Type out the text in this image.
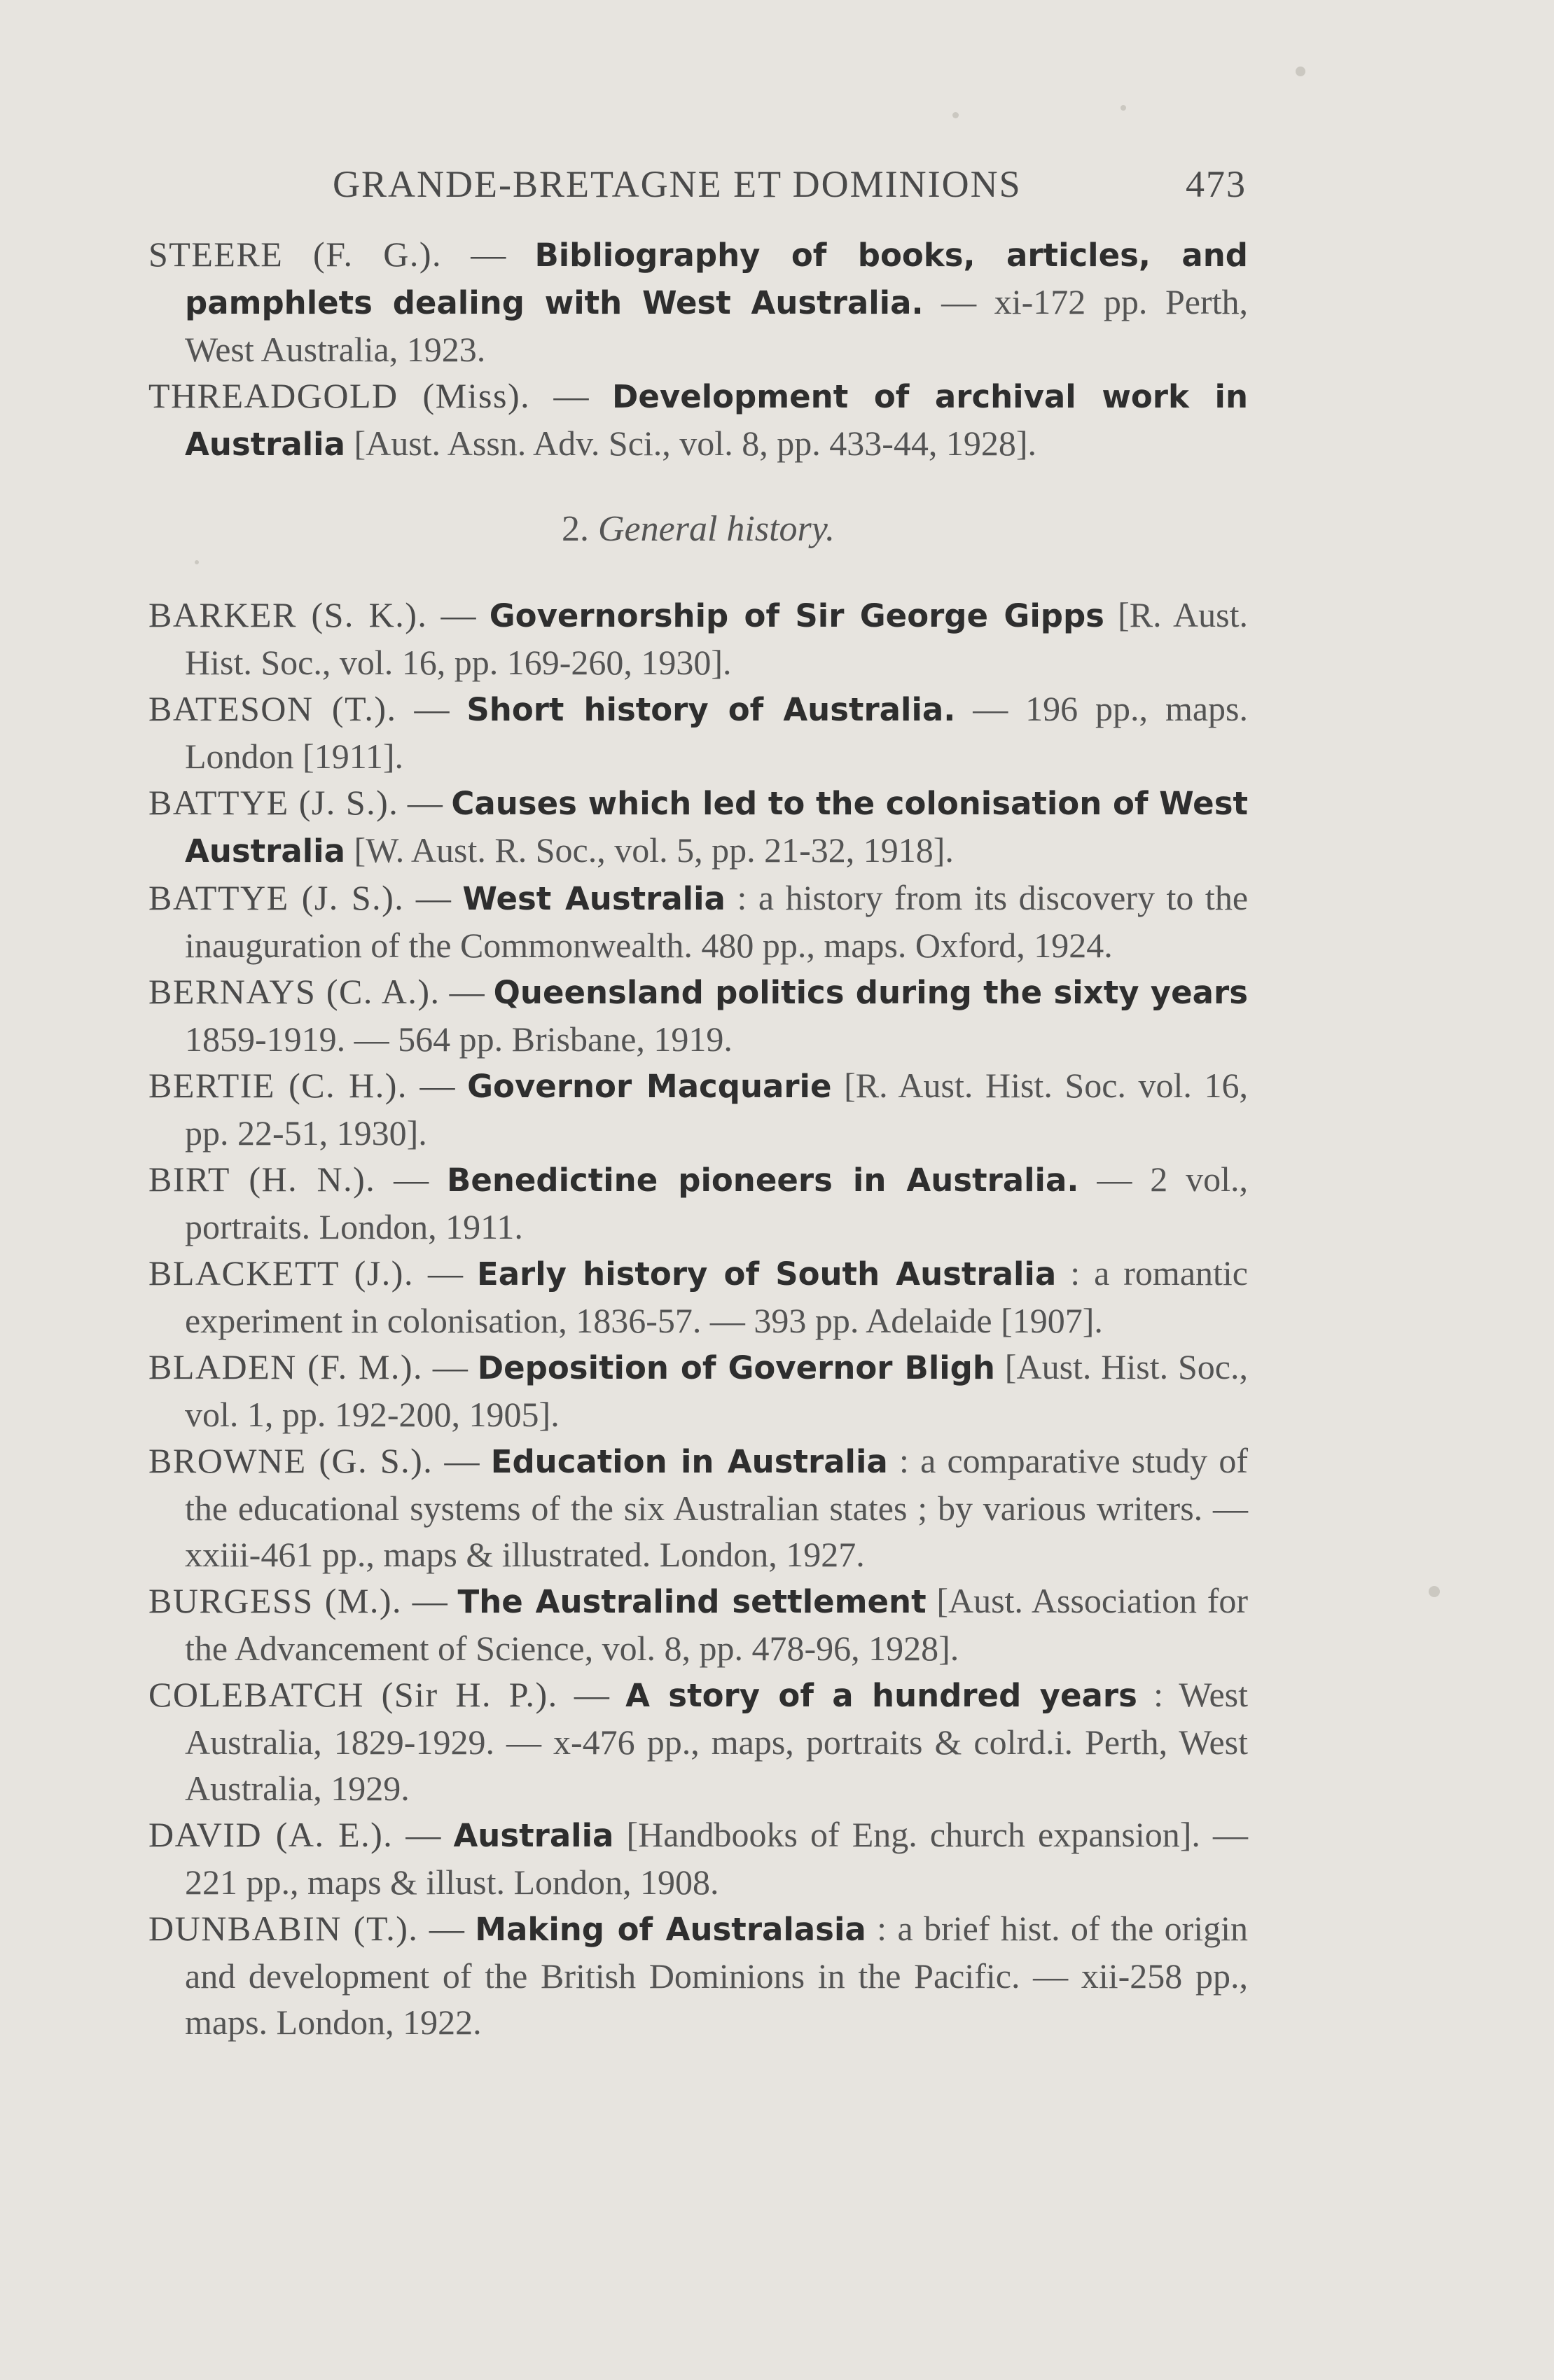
GRANDE-BRETAGNE ET DOMINIONS	473

STEERE (F. G.). — Bibliography of books, articles, and pamphlets dealing with West Australia. — xi-172 pp. Perth, West Australia, 1923.

THREADGOLD (Miss). — Development of archival work in Australia [Aust. Assn. Adv. Sci., vol. 8, pp. 433-44, 1928].

2. General history.

BARKER (S. K.). — Governorship of Sir George Gipps [R. Aust. Hist. Soc., vol. 16, pp. 169-260, 1930].

BATESON (T.). — Short history of Australia. — 196 pp., maps. London [1911].

BATTYE (J. S.). — Causes which led to the colonisation of West Australia [W. Aust. R. Soc., vol. 5, pp. 21-32, 1918].

BATTYE (J. S.). — West Australia : a history from its discovery to the inauguration of the Commonwealth. 480 pp., maps. Oxford, 1924.

BERNAYS (C. A.). — Queensland politics during the sixty years 1859-1919. — 564 pp. Brisbane, 1919.

BERTIE (C. H.). — Governor Macquarie [R. Aust. Hist. Soc. vol. 16, pp. 22-51, 1930].

BIRT (H. N.). — Benedictine pioneers in Australia. — 2 vol., portraits. London, 1911.

BLACKETT (J.). — Early history of South Australia : a romantic experiment in colonisation, 1836-57. — 393 pp. Adelaide [1907].

BLADEN (F. M.). — Deposition of Governor Bligh [Aust. Hist. Soc., vol. 1, pp. 192-200, 1905].

BROWNE (G. S.). — Education in Australia : a comparative study of the educational systems of the six Australian states ; by various writers. — xxiii-461 pp., maps & illustrated. London, 1927.

BURGESS (M.). — The Australind settlement [Aust. Association for the Advancement of Science, vol. 8, pp. 478-96, 1928].

COLEBATCH (Sir H. P.). — A story of a hundred years : West Australia, 1829-1929. — x-476 pp., maps, portraits & colrd.i. Perth, West Australia, 1929.

DAVID (A. E.). — Australia [Handbooks of Eng. church expansion]. — 221 pp., maps & illust. London, 1908.

DUNBABIN (T.). — Making of Australasia : a brief hist. of the origin and development of the British Dominions in the Pacific. — xii-258 pp., maps. London, 1922.
